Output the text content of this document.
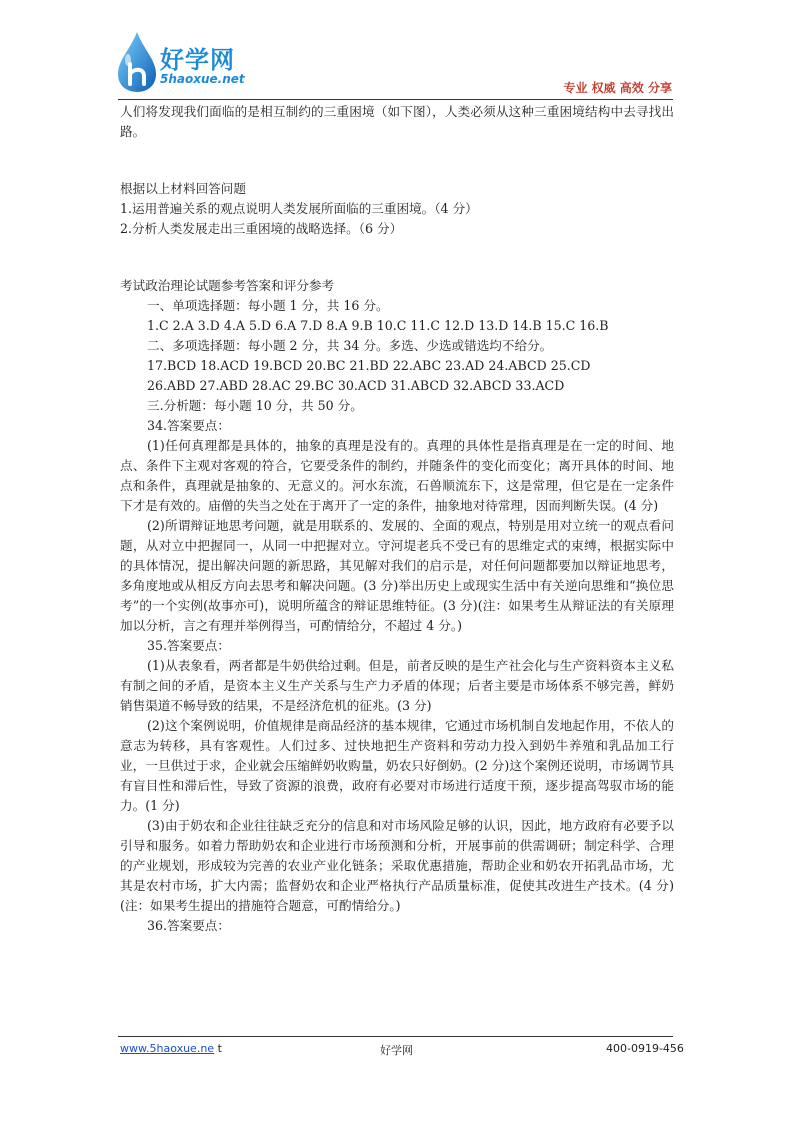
好学网
5haoxue.net
专业 权威 高效 分享

人们将发现我们面临的是相互制约的三重困境（如下图），人类必须从这种三重困境结构中去寻找出路。

根据以上材料回答问题

1.运用普遍关系的观点说明人类发展所面临的三重困境。（4 分）

2.分析人类发展走出三重困境的战略选择。（6 分）

考试政治理论试题参考答案和评分参考

一、单项选择题：每小题 1 分，共 16 分。

1.C 2.A 3.D 4.A 5.D 6.A 7.D 8.A 9.B 10.C 11.C 12.D 13.D 14.B 15.C 16.B

二、多项选择题：每小题 2 分，共 34 分。多选、少选或错选均不给分。

17.BCD 18.ACD 19.BCD 20.BC 21.BD 22.ABC 23.AD 24.ABCD 25.CD

26.ABD 27.ABD 28.AC 29.BC 30.ACD 31.ABCD 32.ABCD 33.ACD

三.分析题：每小题 10 分，共 50 分。

34.答案要点：

(1)任何真理都是具体的，抽象的真理是没有的。真理的具体性是指真理是在一定的时间、地点、条件下主观对客观的符合，它要受条件的制约，并随条件的变化而变化；离开具体的时间、地点和条件，真理就是抽象的、无意义的。河水东流，石兽顺流东下，这是常理，但它是在一定条件下才是有效的。庙僧的失当之处在于离开了一定的条件，抽象地对待常理，因而判断失误。(4 分)

(2)所谓辩证地思考问题，就是用联系的、发展的、全面的观点，特别是用对立统一的观点看问题，从对立中把握同一，从同一中把握对立。守河堤老兵不受已有的思维定式的束缚，根据实际中的具体情况，提出解决问题的新思路，其见解对我们的启示是，对任何问题都要加以辩证地思考，多角度地或从相反方向去思考和解决问题。(3 分)举出历史上或现实生活中有关逆向思维和“换位思考”的一个实例(故事亦可)，说明所蕴含的辩证思维特征。(3 分)(注：如果考生从辩证法的有关原理加以分析，言之有理并举例得当，可酌情给分，不超过 4 分。)

35.答案要点：

(1)从表象看，两者都是牛奶供给过剩。但是，前者反映的是生产社会化与生产资料资本主义私有制之间的矛盾，是资本主义生产关系与生产力矛盾的体现；后者主要是市场体系不够完善，鲜奶销售渠道不畅导致的结果，不是经济危机的征兆。(3 分)

(2)这个案例说明，价值规律是商品经济的基本规律，它通过市场机制自发地起作用，不依人的意志为转移，具有客观性。人们过多、过快地把生产资料和劳动力投入到奶牛养殖和乳品加工行业，一旦供过于求，企业就会压缩鲜奶收购量，奶农只好倒奶。(2 分)这个案例还说明，市场调节具有盲目性和滞后性，导致了资源的浪费，政府有必要对市场进行适度干预，逐步提高驾驭市场的能力。(1 分)

(3)由于奶农和企业往往缺乏充分的信息和对市场风险足够的认识，因此，地方政府有必要予以引导和服务。如着力帮助奶农和企业进行市场预测和分析，开展事前的供需调研；制定科学、合理的产业规划，形成较为完善的农业产业化链条；采取优惠措施，帮助企业和奶农开拓乳品市场，尤其是农村市场，扩大内需；监督奶农和企业严格执行产品质量标准，促使其改进生产技术。(4 分)(注：如果考生提出的措施符合题意，可酌情给分。)

36.答案要点：

www.5haoxue.ne t	好学网	400-0919-456
